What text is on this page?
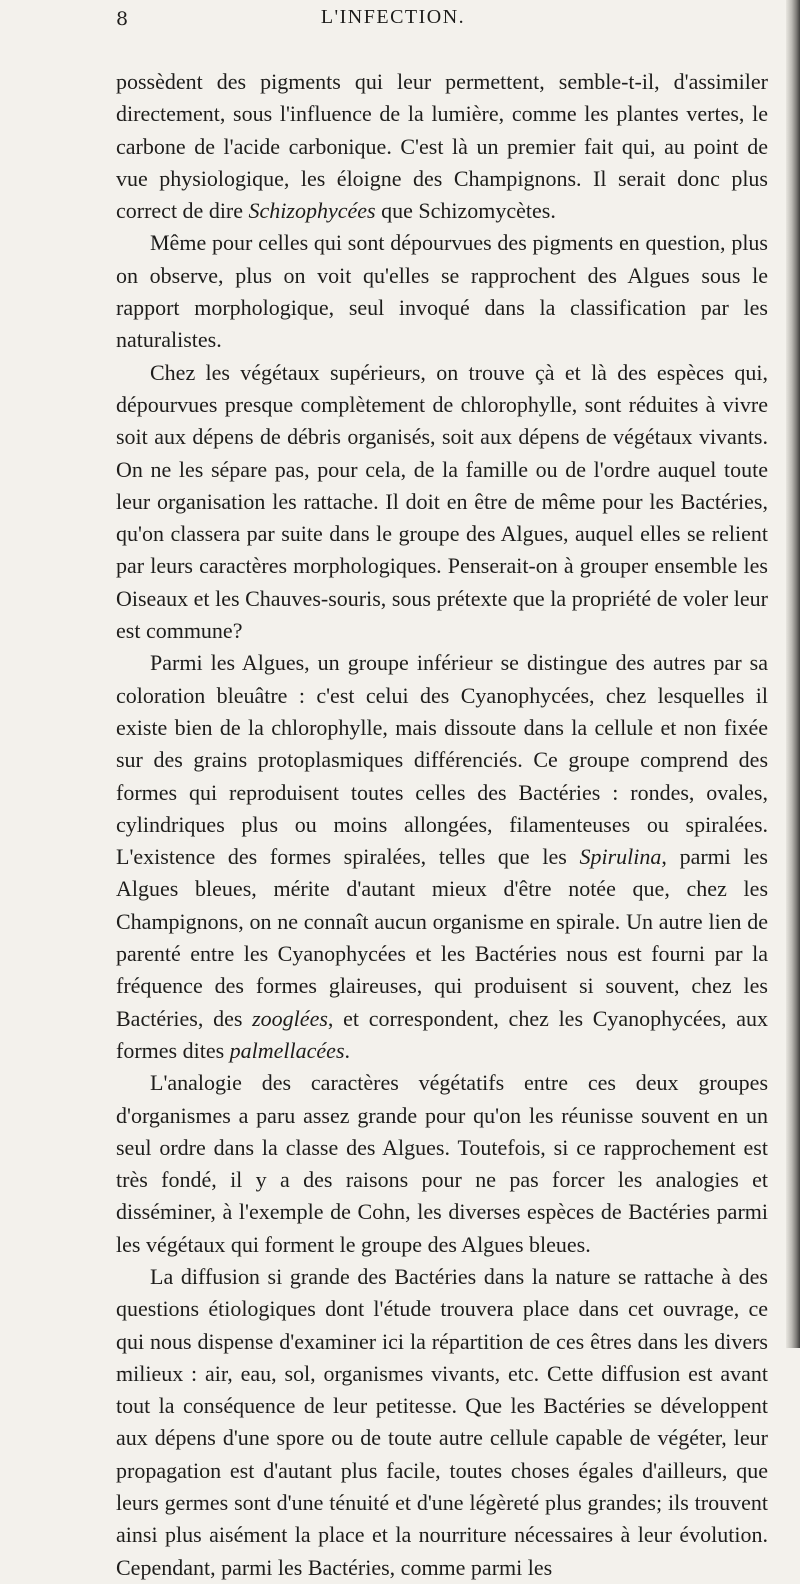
8	L'INFECTION.

possèdent des pigments qui leur permettent, semble-t-il, d'assimiler directement, sous l'influence de la lumière, comme les plantes vertes, le carbone de l'acide carbonique. C'est là un premier fait qui, au point de vue physiologique, les éloigne des Champignons. Il serait donc plus correct de dire Schizophycées que Schizomycètes.

Même pour celles qui sont dépourvues des pigments en question, plus on observe, plus on voit qu'elles se rapprochent des Algues sous le rapport morphologique, seul invoqué dans la classification par les naturalistes.

Chez les végétaux supérieurs, on trouve çà et là des espèces qui, dépourvues presque complètement de chlorophylle, sont réduites à vivre soit aux dépens de débris organisés, soit aux dépens de végétaux vivants. On ne les sépare pas, pour cela, de la famille ou de l'ordre auquel toute leur organisation les rattache. Il doit en être de même pour les Bactéries, qu'on classera par suite dans le groupe des Algues, auquel elles se relient par leurs caractères morphologiques. Penserait-on à grouper ensemble les Oiseaux et les Chauves-souris, sous prétexte que la propriété de voler leur est commune?

Parmi les Algues, un groupe inférieur se distingue des autres par sa coloration bleuâtre : c'est celui des Cyanophycées, chez lesquelles il existe bien de la chlorophylle, mais dissoute dans la cellule et non fixée sur des grains protoplasmiques différenciés. Ce groupe comprend des formes qui reproduisent toutes celles des Bactéries : rondes, ovales, cylindriques plus ou moins allongées, filamenteuses ou spiralées. L'existence des formes spiralées, telles que les Spirulina, parmi les Algues bleues, mérite d'autant mieux d'être notée que, chez les Champignons, on ne connaît aucun organisme en spirale. Un autre lien de parenté entre les Cyanophycées et les Bactéries nous est fourni par la fréquence des formes glaireuses, qui produisent si souvent, chez les Bactéries, des zooglées, et correspondent, chez les Cyanophycées, aux formes dites palmellacées.

L'analogie des caractères végétatifs entre ces deux groupes d'organismes a paru assez grande pour qu'on les réunisse souvent en un seul ordre dans la classe des Algues. Toutefois, si ce rapprochement est très fondé, il y a des raisons pour ne pas forcer les analogies et disséminer, à l'exemple de Cohn, les diverses espèces de Bactéries parmi les végétaux qui forment le groupe des Algues bleues.

La diffusion si grande des Bactéries dans la nature se rattache à des questions étiologiques dont l'étude trouvera place dans cet ouvrage, ce qui nous dispense d'examiner ici la répartition de ces êtres dans les divers milieux : air, eau, sol, organismes vivants, etc. Cette diffusion est avant tout la conséquence de leur petitesse. Que les Bactéries se développent aux dépens d'une spore ou de toute autre cellule capable de végéter, leur propagation est d'autant plus facile, toutes choses égales d'ailleurs, que leurs germes sont d'une ténuité et d'une légèreté plus grandes; ils trouvent ainsi plus aisément la place et la nourriture nécessaires à leur évolution. Cependant, parmi les Bactéries, comme parmi les
